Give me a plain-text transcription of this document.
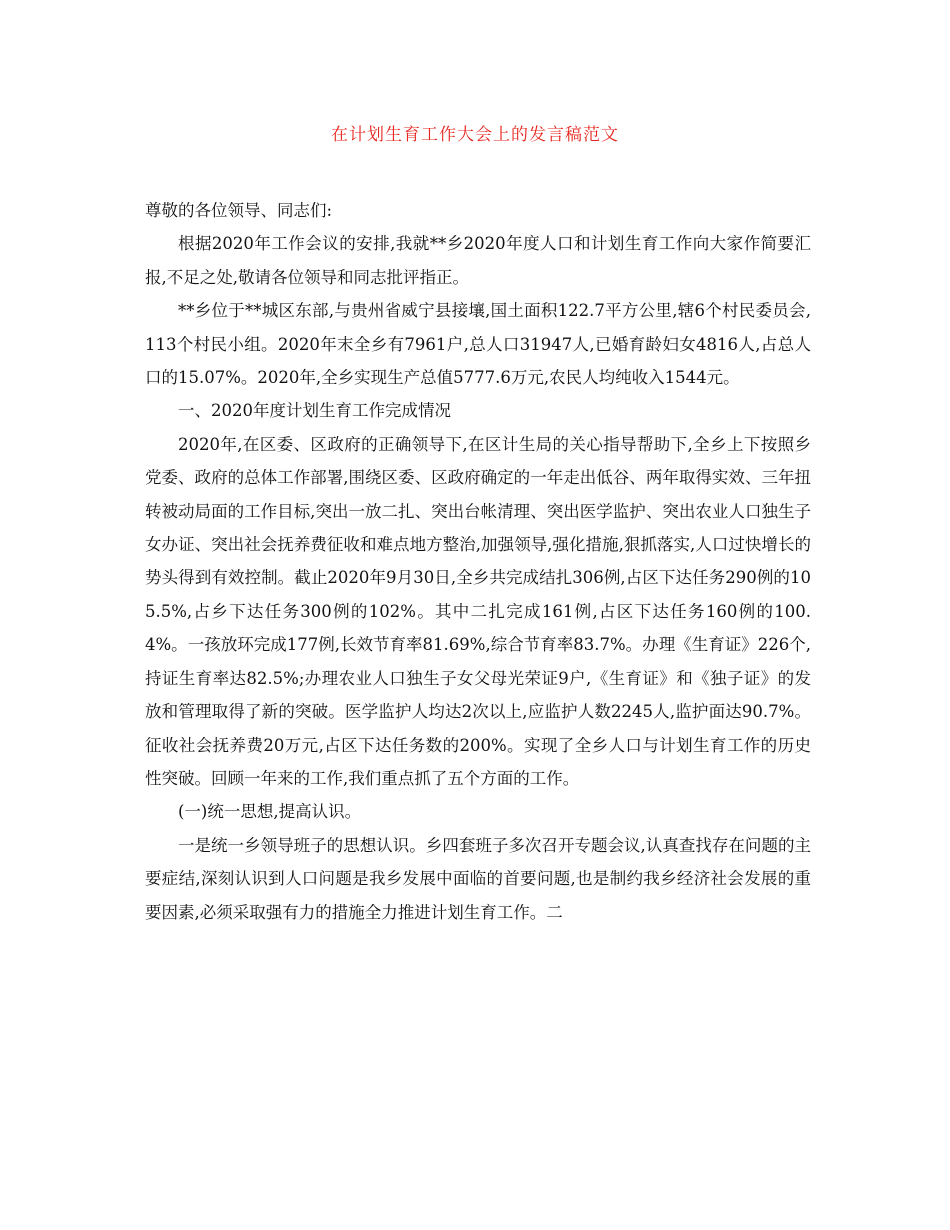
在计划生育工作大会上的发言稿范文

尊敬的各位领导、同志们:

根据2020年工作会议的安排,我就**乡2020年度人口和计划生育工作向大家作简要汇报,不足之处,敬请各位领导和同志批评指正。

**乡位于**城区东部,与贵州省威宁县接壤,国土面积122.7平方公里,辖6个村民委员会,113个村民小组。2020年末全乡有7961户,总人口31947人,已婚育龄妇女4816人,占总人口的15.07%。2020年,全乡实现生产总值5777.6万元,农民人均纯收入1544元。

一、2020年度计划生育工作完成情况

2020年,在区委、区政府的正确领导下,在区计生局的关心指导帮助下,全乡上下按照乡党委、政府的总体工作部署,围绕区委、区政府确定的一年走出低谷、两年取得实效、三年扭转被动局面的工作目标,突出一放二扎、突出台帐清理、突出医学监护、突出农业人口独生子女办证、突出社会抚养费征收和难点地方整治,加强领导,强化措施,狠抓落实,人口过快增长的势头得到有效控制。截止2020年9月30日,全乡共完成结扎306例,占区下达任务290例的105.5%,占乡下达任务300例的102%。其中二扎完成161例,占区下达任务160例的100.4%。一孩放环完成177例,长效节育率81.69%,综合节育率83.7%。办理《生育证》226个,持证生育率达82.5%;办理农业人口独生子女父母光荣证9户,《生育证》和《独子证》的发放和管理取得了新的突破。医学监护人均达2次以上,应监护人数2245人,监护面达90.7%。征收社会抚养费20万元,占区下达任务数的200%。实现了全乡人口与计划生育工作的历史性突破。回顾一年来的工作,我们重点抓了五个方面的工作。

(一)统一思想,提高认识。

一是统一乡领导班子的思想认识。乡四套班子多次召开专题会议,认真查找存在问题的主要症结,深刻认识到人口问题是我乡发展中面临的首要问题,也是制约我乡经济社会发展的重要因素,必须采取强有力的措施全力推进计划生育工作。二
